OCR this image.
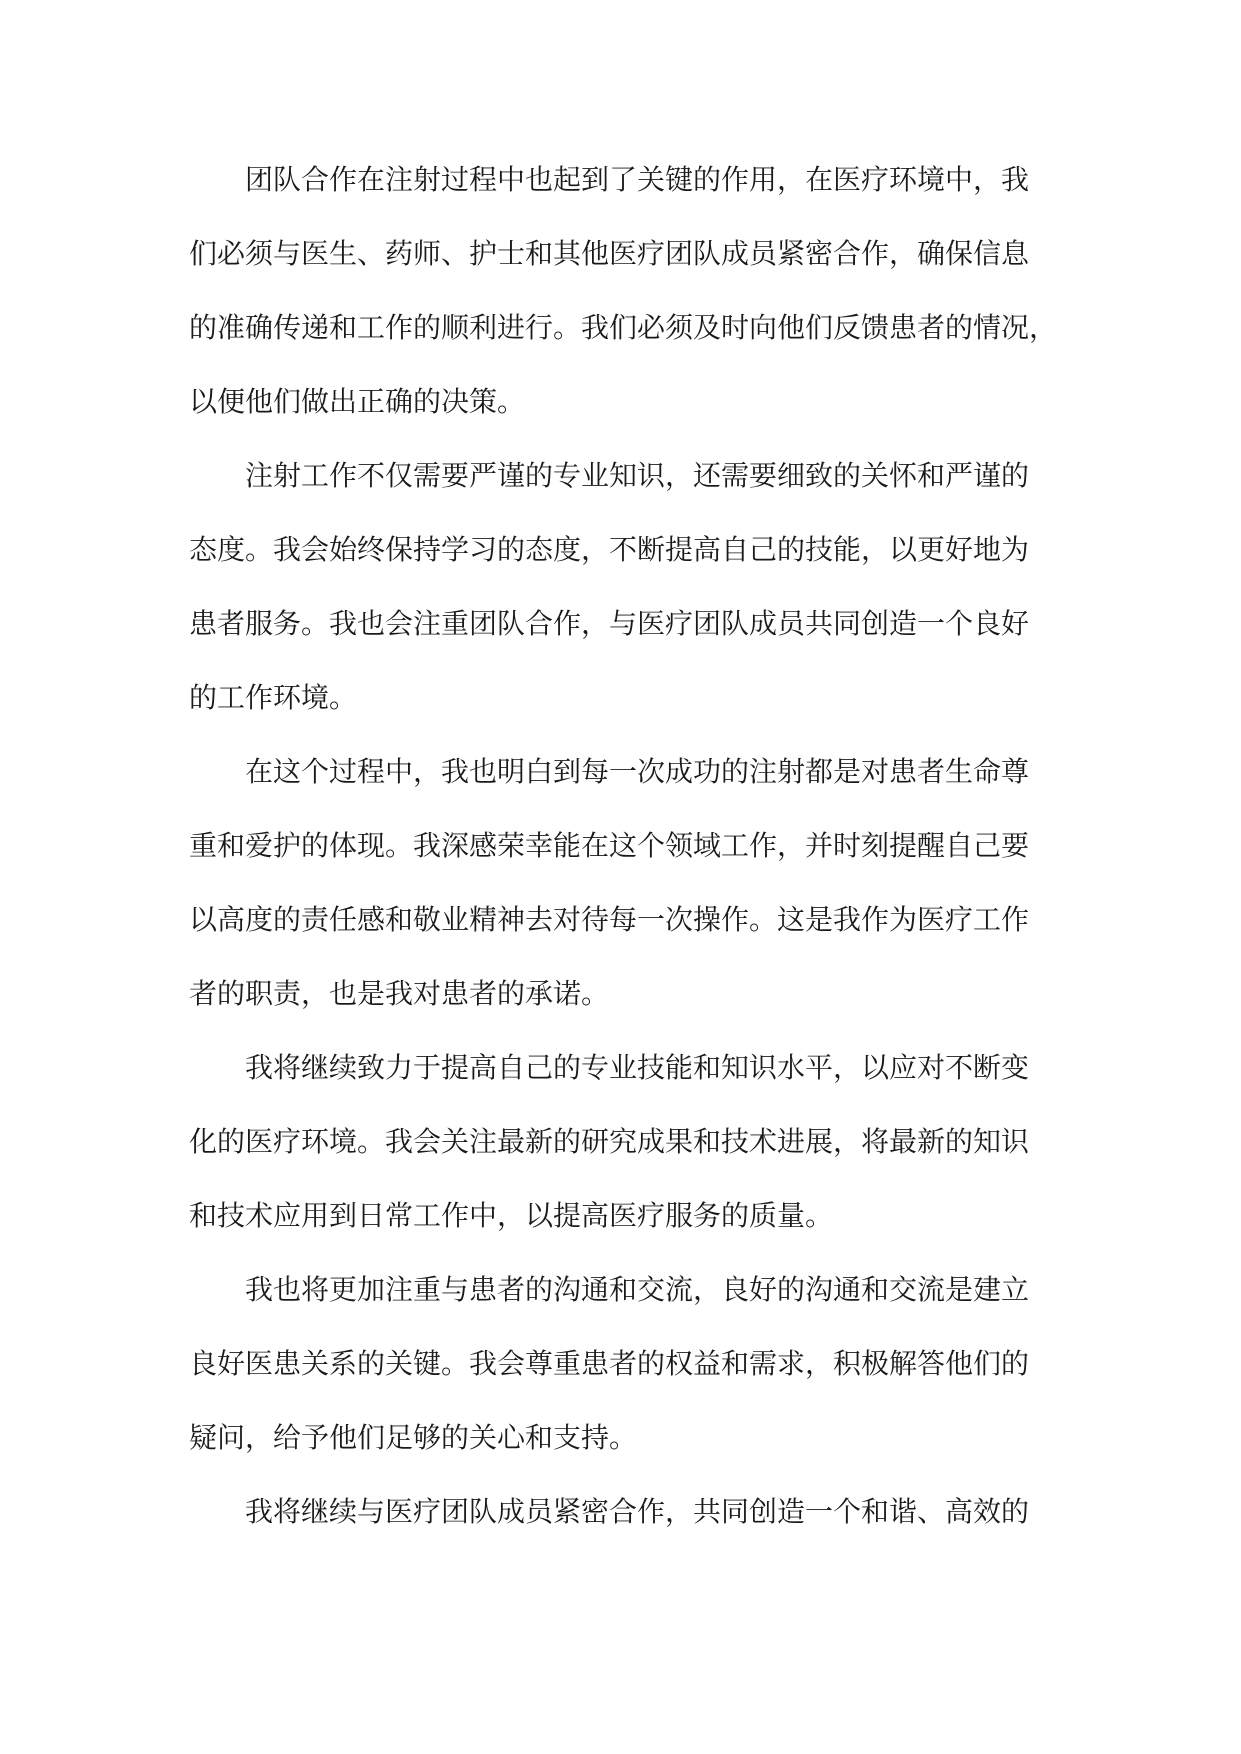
团队合作在注射过程中也起到了关键的作用，在医疗环境中，我
们必须与医生、药师、护士和其他医疗团队成员紧密合作，确保信息
的准确传递和工作的顺利进行。我们必须及时向他们反馈患者的情况，
以便他们做出正确的决策。
注射工作不仅需要严谨的专业知识，还需要细致的关怀和严谨的
态度。我会始终保持学习的态度，不断提高自己的技能，以更好地为
患者服务。我也会注重团队合作，与医疗团队成员共同创造一个良好
的工作环境。
在这个过程中，我也明白到每一次成功的注射都是对患者生命尊
重和爱护的体现。我深感荣幸能在这个领域工作，并时刻提醒自己要
以高度的责任感和敬业精神去对待每一次操作。这是我作为医疗工作
者的职责，也是我对患者的承诺。
我将继续致力于提高自己的专业技能和知识水平，以应对不断变
化的医疗环境。我会关注最新的研究成果和技术进展，将最新的知识
和技术应用到日常工作中，以提高医疗服务的质量。
我也将更加注重与患者的沟通和交流，良好的沟通和交流是建立
良好医患关系的关键。我会尊重患者的权益和需求，积极解答他们的
疑问，给予他们足够的关心和支持。
我将继续与医疗团队成员紧密合作，共同创造一个和谐、高效的
